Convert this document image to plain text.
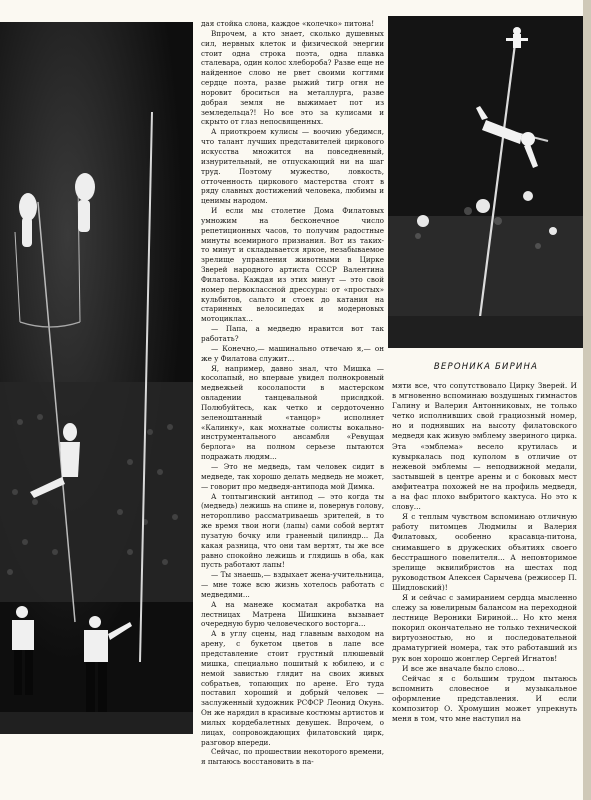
дая стойка слона, каждое «колечко» питона!

Впрочем, а кто знает, сколько душевных сил, нервных клеток и физической энергии стоит одна строка поэта, одна плавка сталевара, один колос хлебороба? Разве еще не найденное слово не рвет своими когтями сердце поэта, разве рыжий тигр огня не норовит броситься на металлурга, разве добрая земля не выжимает пот из земледельца?! Но все это за кулисами и скрыто от глаз непосвященных.

А приоткроем кулисы — воочию убедимся, что талант лучших представителей циркового искусства множится на повседневный, изнурительный, не отпускающий ни на шаг труд. Поэтому мужество, ловкость, отточенность циркового мастерства стоят в ряду славных достижений человека, любимы и ценимы народом.

И если мы столетие Дома Филатовых умножим на бесконечное число репетиционных часов, то получим радостные минуты всемирного признания. Вот из таких-то минут и складывается яркое, незабываемое зрелище управления животными в Цирке Зверей народного артиста СССР Валентина Филатова. Каждая из этих минут — это свой номер первоклассной дрессуры: от «простых» кульбитов, сальто и стоек до катания на старинных велосипедах и модерновых мотоциклах...

— Папа, а медведю нравится вот так работать?

— Конечно,— машинально отвечаю я,— он же у Филатова служит...

Я, например, давно знал, что Мишка — косолапый, но впервые увидел полнокровный медвежьей косолапости в мастерском овладении танцевальной присядкой. Полюбуйтесь, как четко и сердоточенно зеленоштанный «танцор» исполняет «Калинку», как мохнатые солисты вокально-инструментального ансамбля «Ревущая берлога» на полном серьезе пытаются подражать людям...

— Это не медведь, там человек сидит в медведе, так хорошо делать медведь не может,— говорит про медведя-антипода мой Димка.

А топтыгинский антипод — это когда ты (медведь) лежишь на спине и, повернув голову, неторопливо рассматриваешь зрителей, в то же время твои ноги (лапы) сами собой вертят пузатую бочку или граненый цилиндр... Да какая разница, что они там вертят, ты же все равно спокойно лежишь и глядишь в оба, как пусть работают лапы!

— Ты знаешь,— вздыхает жена-учительница,— мне тоже всю жизнь хотелось работать с медведями...

А на манеже косматая акробатка на лестницах Матрена Шишкина вызывает очередную бурю человеческого восторга...

А в углу сцены, над главным выходом на арену, с букетом цветов в лапе все представление стоит грустный плюшевый мишка, специально пошитый к юбилею, и с немой завистью глядит на своих живых собратьев, топающих по арене. Его туда поставил хороший и добрый человек — заслуженный художник РСФСР Леонид Окунь. Он же нарядил в красивые костюмы артистов и милых кордебалетных девушек. Впрочем, о лицах, сопровождающих филатовский цирк, разговор впереди.

Сейчас, по прошествии некоторого времени, я пытаюсь восстановить в па-

ВЕРОНИКА БИРИНА

мяти все, что сопутствовало Цирку Зверей. И в мгновенно вспоминаю воздушных гимнастов Галину и Валерия Антонниковых, не только четко исполнивших свой грациозный номер, но и поднявших на высоту филатовского медведя как живую эмблему звериного цирка. Эта «эмблема» весело крутилась и кувыркалась под куполом в отличие от нежевой эмблемы — неподвижной медали, застывшей в центре арены и с боковых мест амфитеатра похожей не на профиль медведя, а на фас плохо выбритого кактуса. Но это к слову...

Я с теплым чувством вспоминаю отличную работу питомцев Людмилы и Валерия Филатовых, особенно красавца-питона, снимавшего в дружеских объятиях своего бесстрашного повелителя... А неповторимое зрелище эквилибристов на шестах под руководством Алексея Сарычева (режиссер П. Шидловский)!

Я и сейчас с замиранием сердца мысленно слежу за ювелирным балансом на переходной лестнице Вероники Бириной... Но кто меня покорил окончательно не только технической виртуозностью, но и последовательной драматургией номера, так это работавший из рук вон хорошо жонглер Сергей Игнатов!

И все же вначале было слово...

Сейчас я с большим трудом пытаюсь вспомнить словесное и музыкальное оформление представления. И если композитор О. Хромушин может упрекнуть меня в том, что мне наступил на
